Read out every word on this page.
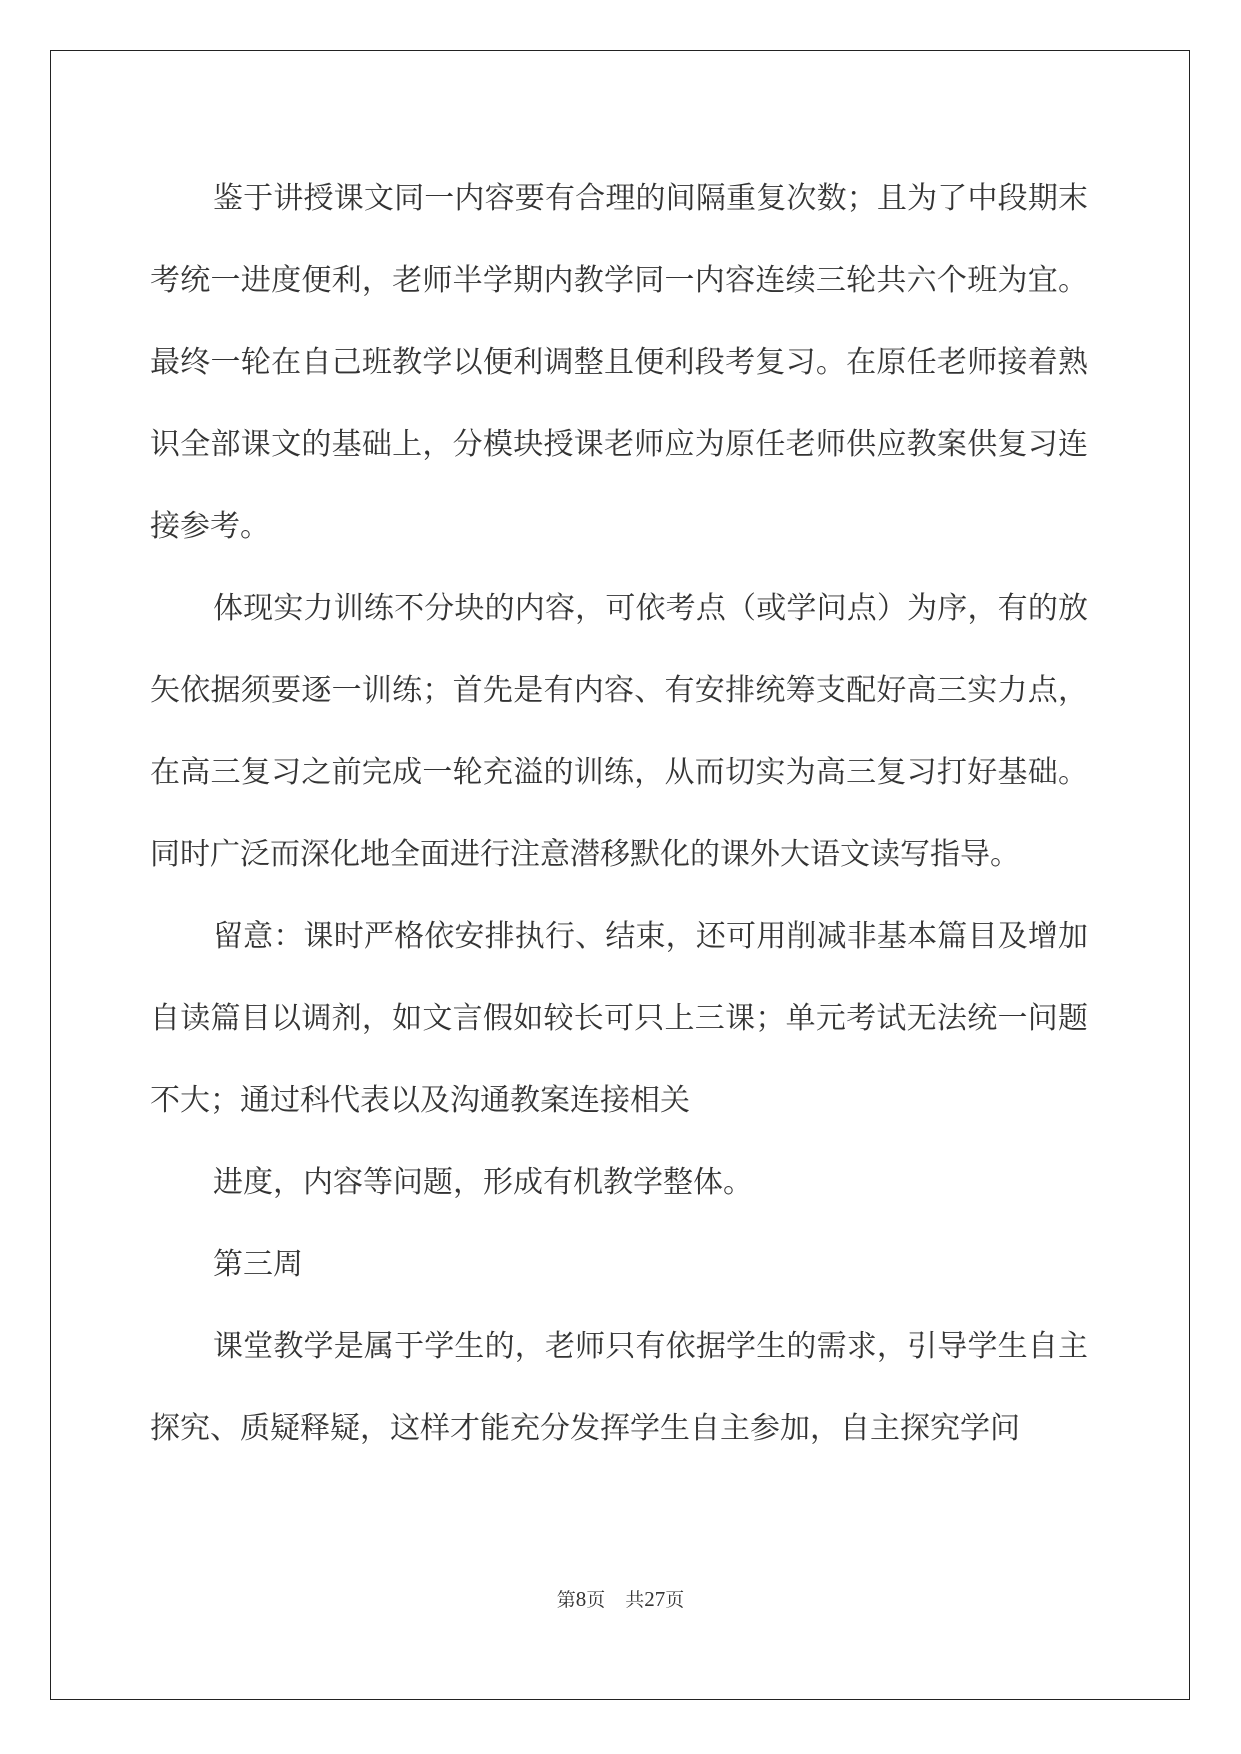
鉴于讲授课文同一内容要有合理的间隔重复次数；且为了中段期末考统一进度便利，老师半学期内教学同一内容连续三轮共六个班为宜。最终一轮在自己班教学以便利调整且便利段考复习。在原任老师接着熟识全部课文的基础上，分模块授课老师应为原任老师供应教案供复习连接参考。

体现实力训练不分块的内容，可依考点（或学问点）为序，有的放矢依据须要逐一训练；首先是有内容、有安排统筹支配好高三实力点，在高三复习之前完成一轮充溢的训练，从而切实为高三复习打好基础。同时广泛而深化地全面进行注意潜移默化的课外大语文读写指导。

留意：课时严格依安排执行、结束，还可用削减非基本篇目及增加自读篇目以调剂，如文言假如较长可只上三课；单元考试无法统一问题不大；通过科代表以及沟通教案连接相关

进度，内容等问题，形成有机教学整体。

第三周

课堂教学是属于学生的，老师只有依据学生的需求，引导学生自主探究、质疑释疑，这样才能充分发挥学生自主参加，自主探究学问

第8页 共27页
